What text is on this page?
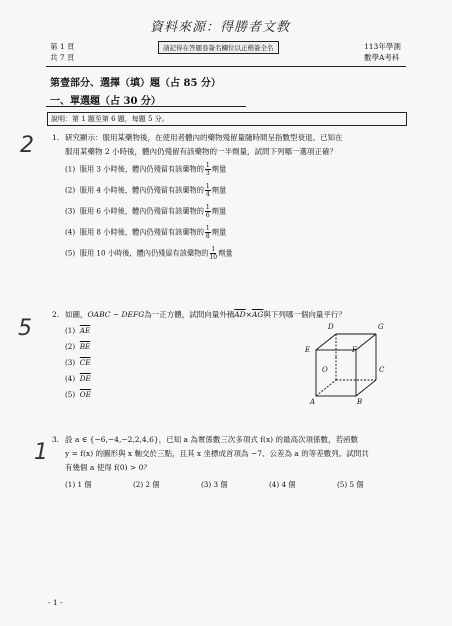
資料來源：得勝者文教
第 1 頁
共 7 頁
請記得在答題卷簽名欄位以正楷簽全名	113年學測
數學A考科
第壹部分、選擇（填）題（占 85 分）
一、單選題（占 30 分）
說明：第 1 題至第 6 題，每題 5 分。
2
5
1
1. 研究顯示：服用某藥物後，在使用者體內的藥物殘留量隨時間呈指數型衰退。已知在
服用某藥物 2 小時後，體內仍殘留有該藥物的一半劑量，試問下列哪一選項正確？
(1) 服用 3 小時後，體內仍殘留有該藥物的 $\frac{1}{3}$ 劑量
(2) 服用 4 小時後，體內仍殘留有該藥物的 $\frac{1}{4}$ 劑量
(3) 服用 6 小時後，體內仍殘留有該藥物的 $\frac{1}{6}$ 劑量
(4) 服用 8 小時後，體內仍殘留有該藥物的 $\frac{1}{8}$ 劑量
(5) 服用 10 小時後，體內仍殘留有該藥物的 $\frac{1}{10}$ 劑量
2. 如圖，OABC − DEFG為一正方體，試問向量外積$\overline{AD}\times\overline{AG}$與下列哪一個向量平行？
(1) $\overline{AE}$
(2) $\overline{BE}$
(3) $\overline{CE}$
(4) $\overline{DE}$
(5) $\overline{OE}$
D	G
E	F
O	C
A	B
3. 設 a ∈ {−6,−4,−2,2,4,6}，已知 a 為實係數三次多項式 f(x) 的最高次項係數，若函數
y = f(x) 的圖形與 x 軸交於三點，且其 x 坐標成首項為 −7、公差為 a 的等差數列。試問共
有幾個 a 使得 f(0) > 0？
(1) 1 個	(2) 2 個	(3) 3 個	(4) 4 個	(5) 5 個
- 1 -
